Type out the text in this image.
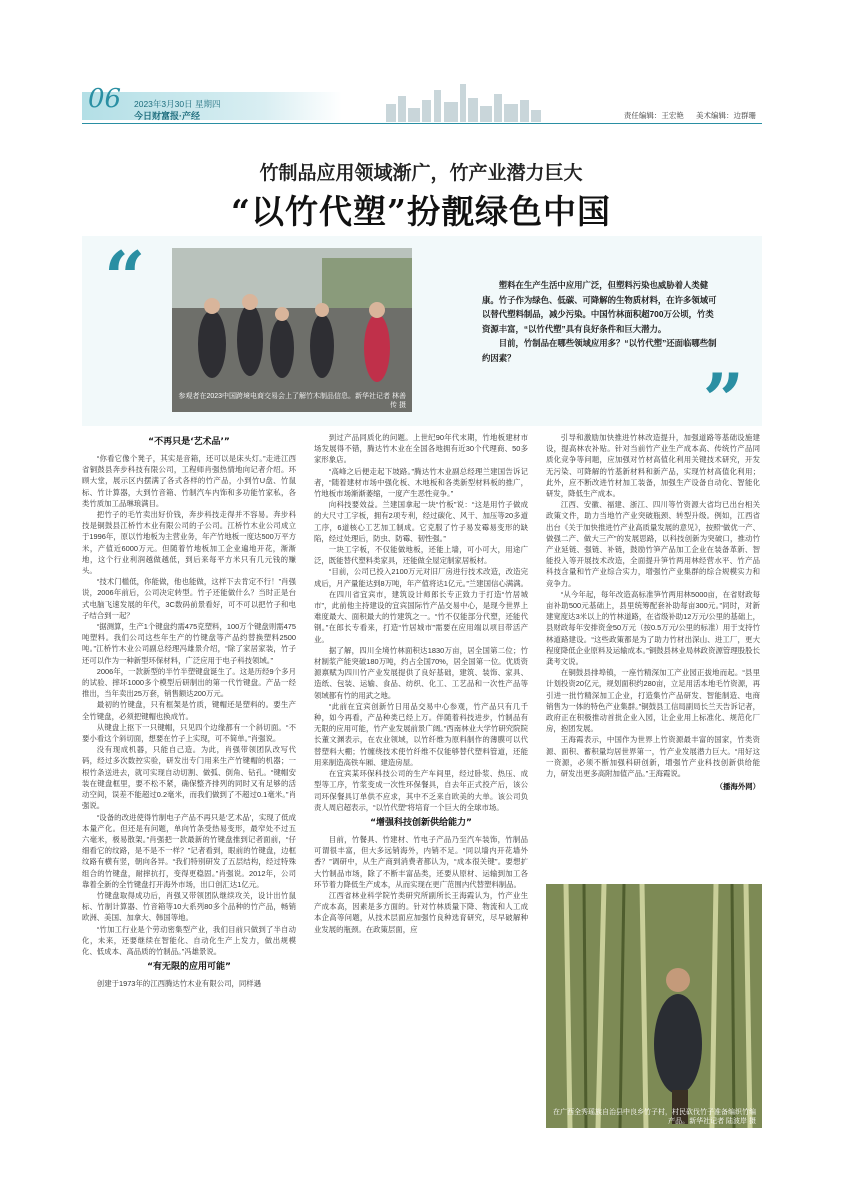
06 2023年3月30日 星期四
今日财富报·产经	责任编辑：王宏艳 美术编辑：边群珊
竹制品应用领域渐广，竹产业潜力巨大
“以竹代塑”扮靓绿色中国
“
参观者在2023中国跨境电商交易会上了解竹木制品信息。新华社记者 林善传 摄

塑料在生产生活中应用广泛，但塑料污染也威胁着人类健康。竹子作为绿色、低碳、可降解的生物质材料，在许多领域可以替代塑料制品，减少污染。中国竹林面积超700万公顷，竹类资源丰富，“以竹代塑”具有良好条件和巨大潜力。

目前，竹制品在哪些领域应用多？“以竹代塑”还面临哪些制约因素？	”
“不再只是‘艺术品’”

“你看它像个凳子，其实是音箱，还可以是床头灯。”走进江西省铜鼓县奔步科技有限公司，工程师肖强热情地向记者介绍。环顾大堂，展示区内摆满了各式各样的竹产品，小到竹U盘、竹鼠标、竹计算器，大到竹音箱、竹制汽车内饰和多功能竹家私，各类竹质加工品琳琅满目。

把竹子的毛竹卖出好价钱，奔步科技走得并不容易。奔步科技是铜鼓县江桥竹木业有限公司的子公司。江桥竹木业公司成立于1996年，原以竹地板为主营业务，年产竹地板一度达500万平方米，产值近6000万元。但随着竹地板加工企业遍地开花，渐渐地，这个行业利润越做越低，到后来每平方米只有几元钱的赚头。

“技术门槛低，你能做，他也能做，这样下去肯定不行！”肖强说，2006年前后，公司决定转型。竹子还能做什么？当时正是台式电脑飞速发展的年代，3C数码前景看好，可不可以把竹子和电子结合到一起？

“据测算，生产1个键盘约需475克塑料，100万个键盘则需475吨塑料。我们公司这些年生产的竹键盘等产品约替换塑料2500吨。”江桥竹木业公司副总经理冯雄景介绍，“除了家居家装，竹子还可以作为一种新型环保材料，广泛应用于电子科技领域。”

2006年，一款新型的半竹半塑键盘诞生了。这是历经9个多月的试验、摔坏1000多个模型后研制出的第一代竹键盘。产品一经推出，当年卖出25万套，销售额达200万元。

最初的竹键盘，只有框架是竹质，键帽还是塑料的。要生产全竹键盘，必须把键帽也换成竹。

从键盘上抠下一只键帽，只见四个边缘都有一个斜切面。“不要小看这个斜切面，想要在竹子上实现，可不简单。”肖强说。

没有现成机器，只能自己造。为此，肖强带领团队改写代码，经过多次数控实验，研发出专门用来生产竹键帽的机器；一根竹条送进去，就可实现自动切割、做弧、倒角、钻孔。“键帽安装在键盘框里，要不松不紧，确保整齐排列的同时又有足够的活动空间，误差不能超过0.2毫米，而我们做到了不超过0.1毫米。”肖强说。

“设备的改进使得竹制电子产品不再只是‘艺术品’，实现了低成本量产化。但还是有问题，单向竹条受热易变形，最窄处不过五六毫米，极易散架。”肖强把一款最新的竹键盘推到记者面前，“仔细看它的纹路，是不是不一样？”记者看到，眼前的竹键盘，边框纹路有横有竖，朝向各异。“我们特别研发了五层结构，经过特殊组合的竹键盘，耐摔抗打，变得更稳固。”肖强说。2012年，公司靠着全新的全竹键盘打开海外市场，出口创汇达1亿元。

竹键盘取得成功后，肖强又带领团队继续攻关，设计出竹鼠标、竹制计算器、竹音箱等10大系列80多个品种的竹产品，畅销欧洲、美国、加拿大、韩国等地。

“竹加工行业是个劳动密集型产业，我们目前只做到了半自动化，未来，还要继续在智能化、自动化生产上发力，做出规模化、低成本、高品质的竹制品。”冯雄景说。

“有无限的应用可能”

创建于1973年的江西腾达竹木业有限公司，同样遇

到过产品同质化的问题。上世纪90年代末期，竹地板建材市场发展得不错，腾达竹木业在全国各地拥有近30个代理商、50多家形象店。

“高峰之后便走起下坡路。”腾达竹木业副总经理兰建国告诉记者，“随着建材市场中强化板、木地板和各类新型材料板的推广，竹地板市场渐渐萎缩，一度产生恶性竞争。”

向科技要效益。兰建国拿起一块“竹板”说：“这是用竹子做成的大尺寸工字板，拥有2项专利，经过碳化、风干、加压等20多道工序，6道核心工艺加工制成。它克服了竹子易发霉易变形的缺陷，经过处理后，防虫、防霉、韧性强。”

一块工字板，不仅能做地板，还能上墙，可小可大，用途广泛，既能替代塑料类家具，还能做全屋定制家居板材。

“目前，公司已投入2100万元对旧厂房进行技术改造，改造完成后，月产量能达到8万吨，年产值将达1亿元。”兰建国信心满满。

在四川省宜宾市，建筑设计师郎长专正致力于打造“竹居城市”，此前他主持建设的宜宾国际竹产品交易中心，是现今世界上难度最大、面积最大的竹建筑之一。“竹不仅能部分代塑，还能代钢。”在郎长专看来，打造“竹居城市”需要在应用端以项目带活产业。

据了解，四川全境竹林面积达1830万亩，居全国第二位；竹材制浆产能突破180万吨，约占全国70%，居全国第一位。优质资源禀赋为四川竹产业发展提供了良好基础，建筑、装饰、家具、造纸、包装、运输、食品、纺织、化工、工艺品和一次性产品等领域都有竹的用武之地。

“此前在宜宾创新竹日用品交易中心参观，竹产品只有几千种，如今再看，产品种类已经上万。伴随着科技进步，竹制品有无限的应用可能，竹产业发展前景广阔。”西南林业大学竹研究院院长董文渊表示，在农业领域，以竹纤维为原料制作的薄膜可以代替塑料大棚；竹缠绕技术使竹纤维不仅能够替代塑料管道，还能用来制造高铁车厢、建造房屋。

在宜宾某环保科技公司的生产车间里，经过卧浆、热压、成型等工序，竹浆变成一次性环保餐具，自去年正式投产后，该公司环保餐具订单供不应求，其中不乏来自欧美的大单。该公司负责人周启超表示，“以竹代塑”将培育一个巨大的全球市场。

“增强科技创新供给能力”

目前，竹餐具、竹建材、竹电子产品乃至汽车装饰，竹制品可谓很丰富，但大多远销海外，内销不足。“同以墙内开花墙外香？”调研中，从生产商到消费者都认为，“成本很关键”。要想扩大竹制品市场，除了不断丰富品类，还要从原材、运输到加工各环节着力降低生产成本，从而实现在更广范围内代替塑料制品。

江西省林业科学院竹类研究所副所长王海霞认为，竹产业生产成本高，因素是多方面的。针对竹林质量下降、物流和人工成本企高等问题，从技术层面应加强竹良种选育研究，尽早破解种业发展的瓶颈。在政策层面，应

引导和激励加快推进竹林改造提升，加强道路等基础设施建设，提高林农补贴。针对当前竹产业生产成本高、传统竹产品同质化竞争等问题，应加强对竹材高值化利用关键技术研究，开发无污染、可降解的竹基新材料和新产品，实现竹材高值化利用；此外，应不断改进竹材加工装备，加强生产设备自动化、智能化研发，降低生产成本。

江西、安徽、福建、浙江、四川等竹资源大省均已出台相关政策文件，助力当地竹产业突破瓶颈、转型升级。例如，江西省出台《关于加快推进竹产业高质量发展的意见》，按照“做优一产、做强二产、做大三产”的发展思路，以科技创新为突破口，推动竹产业延链、强链、补链，鼓励竹笋产品加工企业在装备革新、智能投入等开展技术改造，全面提升笋竹两用林经营水平、竹产品科技含量和竹产业综合实力，增强竹产业集群的综合规模实力和竞争力。

“从今年起，每年改造高标准笋竹两用林5000亩，在省财政每亩补助500元基础上，县里统筹配套补助每亩300元。”同时，对新建宽度达3米以上的竹林道路，在省级补助12万元/公里的基础上，县财政每年安排资金50万元（按0.5万元/公里的标准）用于支持竹林道路建设。“这些政策都是为了助力竹材出深山、进工厂，更大程度降低企业原料及运输成本。”铜鼓县林业局林政资源管理股股长龚考文说。

在铜鼓县排埠镇，一座竹精深加工产业园正拔地而起。“县里计划投资20亿元，规划面积约280亩，立足用活本地毛竹资源，再引进一批竹精深加工企业，打造集竹产品研发、智能制造、电商销售为一体的特色产业集群。”铜鼓县工信局副局长兰天告诉记者，政府正在积极推动首批企业入园，让企业用上标准化、规范化厂房，抱团发展。

王海霞表示，中国作为世界上竹资源最丰富的国家，竹类资源、面积、蓄积量均居世界第一，竹产业发展潜力巨大。“用好这一资源，必须不断加强科研创新，增强竹产业科技创新供给能力，研发出更多高附加值产品。”王海霞说。

（播海外网）
在广西全秀瑶族自治县中良乡竹子村，村民砍伐竹子准备编织竹编产品。新华社记者 陆波岸 摄
